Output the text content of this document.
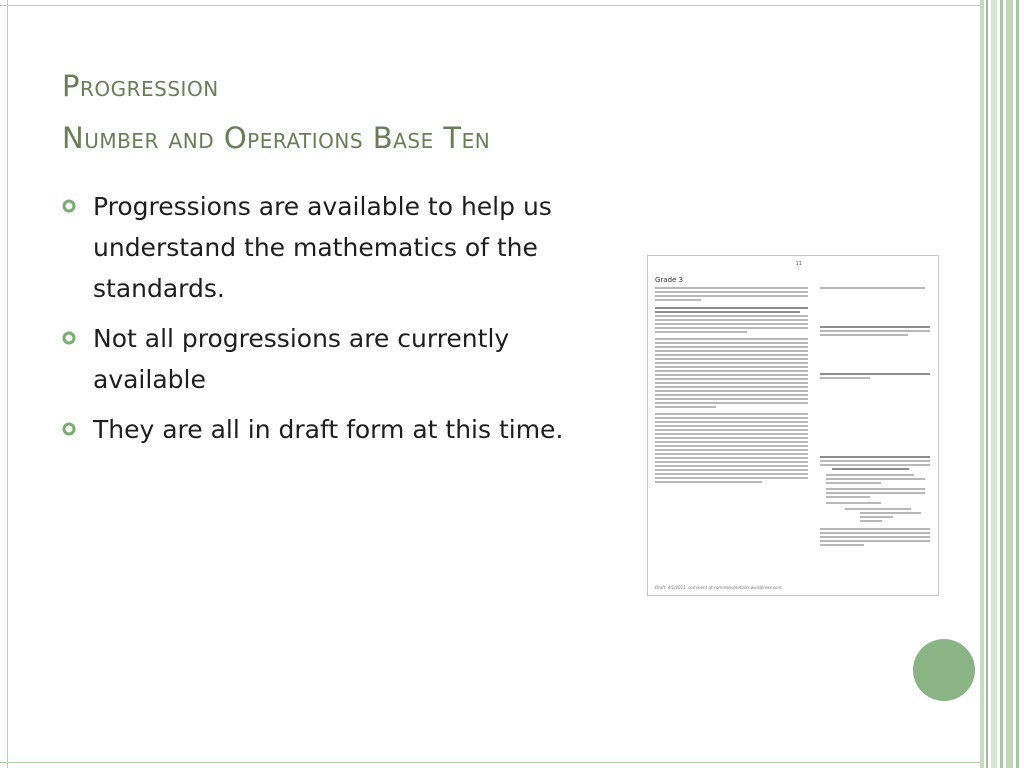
Progression
Number and Operations Base Ten
Progressions are available to help us understand the mathematics of the standards.
Not all progressions are currently available
They are all in draft form at this time.
11
Grade 3
Draft, 4/1/2011, comment at commoncoretools.wordpress.com.
